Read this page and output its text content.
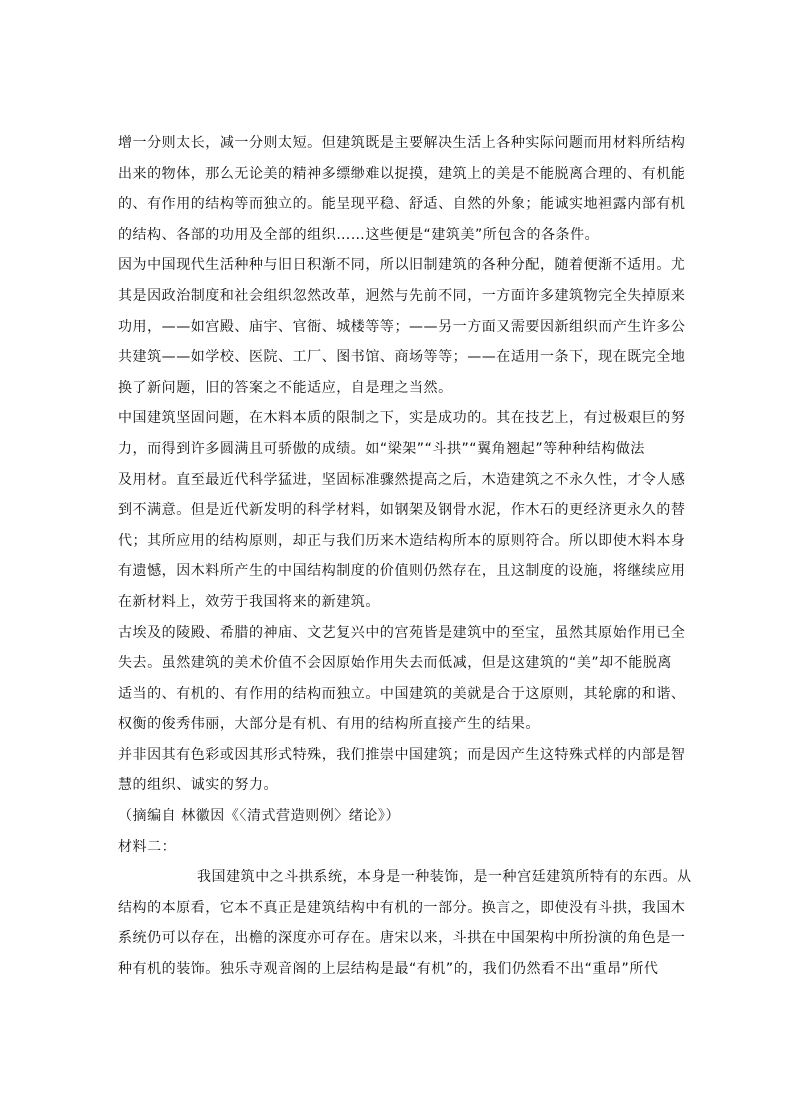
增一分则太长，减一分则太短。但建筑既是主要解决生活上各种实际问题而用材料所结构
出来的物体，那么无论美的精神多缥缈难以捉摸，建筑上的美是不能脱离合理的、有机能
的、有作用的结构等而独立的。能呈现平稳、舒适、自然的外象；能诚实地袒露内部有机
的结构、各部的功用及全部的组织……这些便是“建筑美”所包含的各条件。
因为中国现代生活种种与旧日积渐不同，所以旧制建筑的各种分配，随着便渐不适用。尤
其是因政治制度和社会组织忽然改革，迥然与先前不同，一方面许多建筑物完全失掉原来
功用，——如宫殿、庙宇、官衙、城楼等等；——另一方面又需要因新组织而产生许多公
共建筑——如学校、医院、工厂、图书馆、商场等等；——在适用一条下，现在既完全地
换了新问题，旧的答案之不能适应，自是理之当然。
中国建筑坚固问题，在木料本质的限制之下，实是成功的。其在技艺上，有过极艰巨的努
力，而得到许多圆满且可骄傲的成绩。如“梁架”“斗拱”“翼角翘起”等种种结构做法
及用材。直至最近代科学猛进，坚固标准骤然提高之后，木造建筑之不永久性，才令人感
到不满意。但是近代新发明的科学材料，如钢架及钢骨水泥，作木石的更经济更永久的替
代；其所应用的结构原则，却正与我们历来木造结构所本的原则符合。所以即使木料本身
有遗憾，因木料所产生的中国结构制度的价值则仍然存在，且这制度的设施，将继续应用
在新材料上，效劳于我国将来的新建筑。
古埃及的陵殿、希腊的神庙、文艺复兴中的宫苑皆是建筑中的至宝，虽然其原始作用已全
失去。虽然建筑的美术价值不会因原始作用失去而低减，但是这建筑的“美”却不能脱离
适当的、有机的、有作用的结构而独立。中国建筑的美就是合于这原则，其轮廓的和谐、
权衡的俊秀伟丽，大部分是有机、有用的结构所直接产生的结果。
并非因其有色彩或因其形式特殊，我们推崇中国建筑；而是因产生这特殊式样的内部是智
慧的组织、诚实的努力。
（摘编自 林徽因《〈清式营造则例〉绪论》）
材料二：
我国建筑中之斗拱系统，本身是一种装饰，是一种宫廷建筑所特有的东西。从
结构的本原看，它本不真正是建筑结构中有机的一部分。换言之，即使没有斗拱，我国木
系统仍可以存在，出檐的深度亦可存在。唐宋以来，斗拱在中国架构中所扮演的角色是一
种有机的装饰。独乐寺观音阁的上层结构是最“有机”的，我们仍然看不出“重昂”所代
